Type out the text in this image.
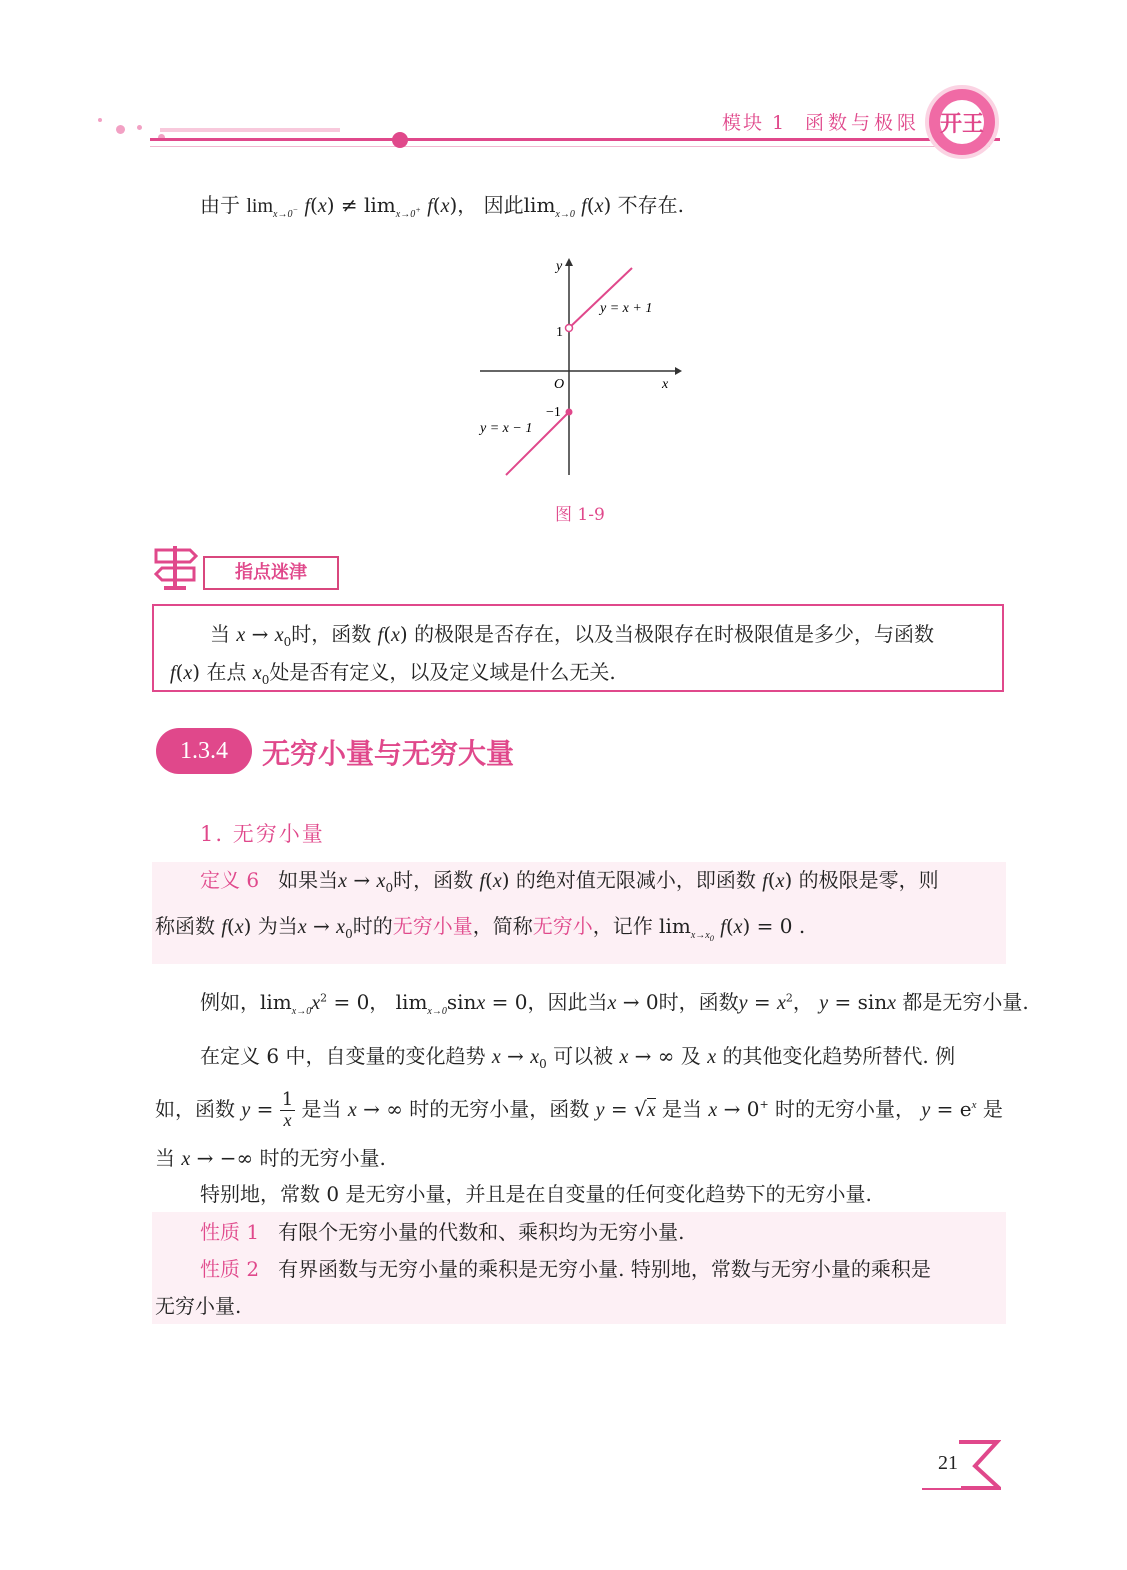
模块 1 函数与极限 开王
由于 $\lim_{x\to 0^-} f(x) \ne \lim_{x\to 0^+} f(x)$， 因此$\lim_{x\to 0} f(x)$ 不存在.
y
x
O
1
−1
y = x + 1
y = x − 1
图 1-9
指点迷津
当 $x \to x_0$时，函数 f(x) 的极限是否存在，以及当极限存在时极限值是多少，与函数
f(x) 在点 $x_0$处是否有定义，以及定义域是什么无关.
1.3.4	无穷小量与无穷大量
1. 无穷小量
定义 6 如果当$x \to x_0$时，函数 f(x) 的绝对值无限减小，即函数 f(x) 的极限是零，则
称函数 f(x) 为当$x \to x_0$时的无穷小量，简称无穷小，记作 $\lim_{x\to x_0} f(x) = 0$ .
例如，$\lim_{x\to 0}x^2 = 0$， $\lim_{x\to 0}\sin x = 0$，因此当x → 0时，函数$y = x^2$， y = sinx 都是无穷小量.
在定义 6 中，自变量的变化趋势 $x \to x_0$ 可以被 x → ∞ 及 x 的其他变化趋势所替代. 例
如，函数 $y = \frac{1}{x}$ 是当 x → ∞ 时的无穷小量，函数 y = √x 是当 x → 0+ 时的无穷小量， $y = e^x$ 是
当 x → −∞ 时的无穷小量.
特别地，常数 0 是无穷小量，并且是在自变量的任何变化趋势下的无穷小量.
性质 1 有限个无穷小量的代数和、乘积均为无穷小量.
性质 2 有界函数与无穷小量的乘积是无穷小量. 特别地，常数与无穷小量的乘积是
无穷小量.
21
